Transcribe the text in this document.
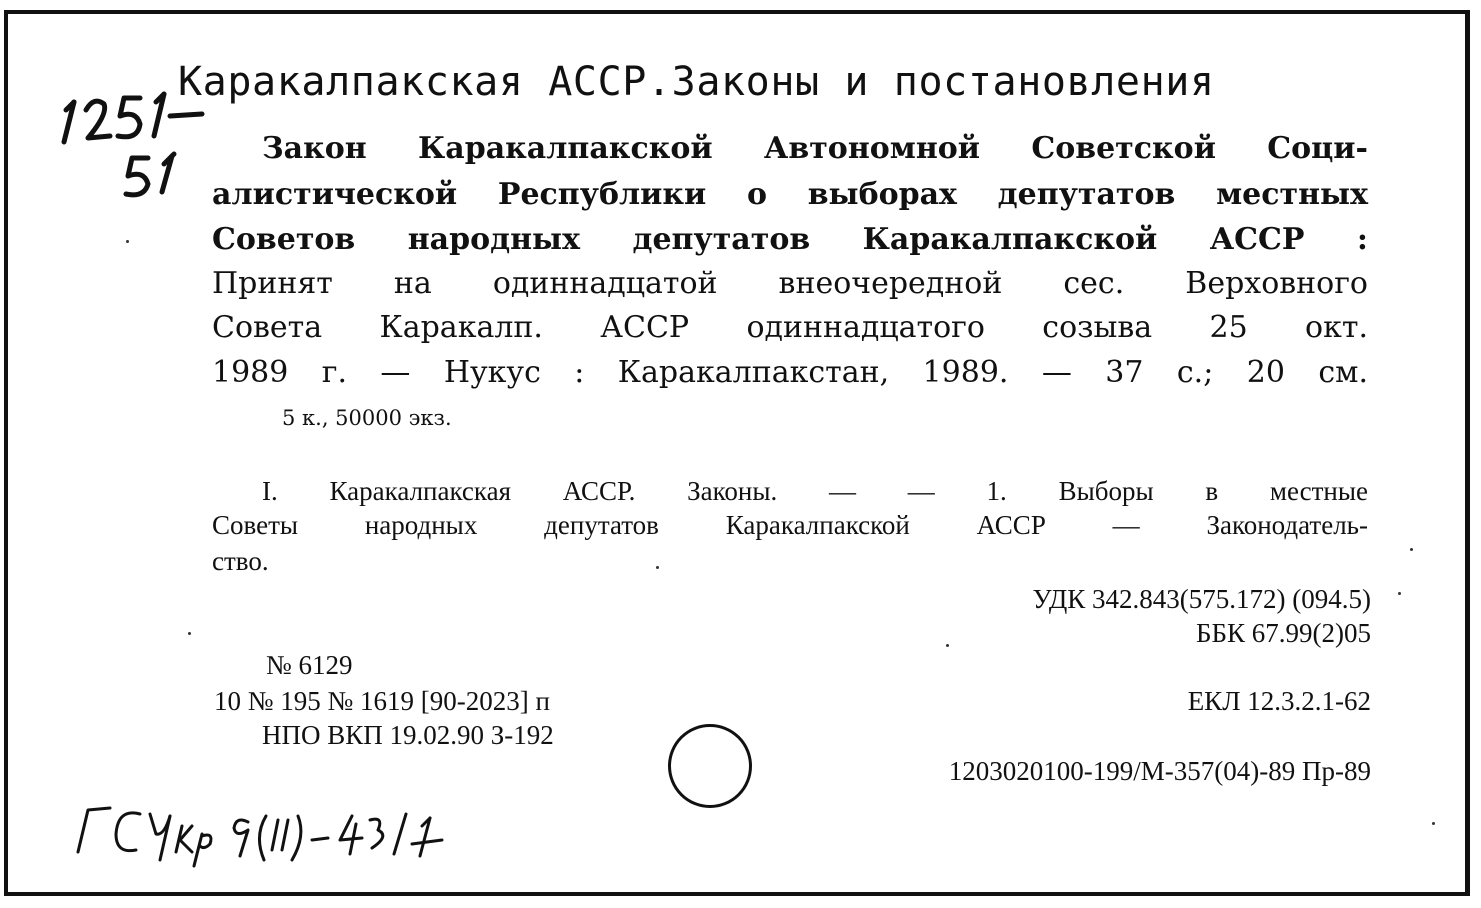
Каракалпакская АССР.Законы и постановления
Закон Каракалпакской Автономной Советской Соци-
алистической Республики о выборах депутатов местных
Советов народных депутатов Каракалпакской АССР :
Принят на одиннадцатой внеочередной сес. Верховного
Совета Каракалп. АССР одиннадцатого созыва 25 окт.
1989 г. — Нукус : Каракалпакстан, 1989. — 37 с.; 20 см.
5 к., 50000 экз.
I. Каракалпакская АССР. Законы. — — 1. Выборы в местные
Советы народных депутатов Каракалпакской АССР — Законодатель-
ство.
УДК 342.843(575.172) (094.5)
ББК 67.99(2)05
№ 6129
10 № 195 № 1619 [90-2023] п	ЕКЛ 12.3.2.1-62
НПО ВКП 19.02.90 З-192
1203020100-199/М-357(04)-89 Пр-89
